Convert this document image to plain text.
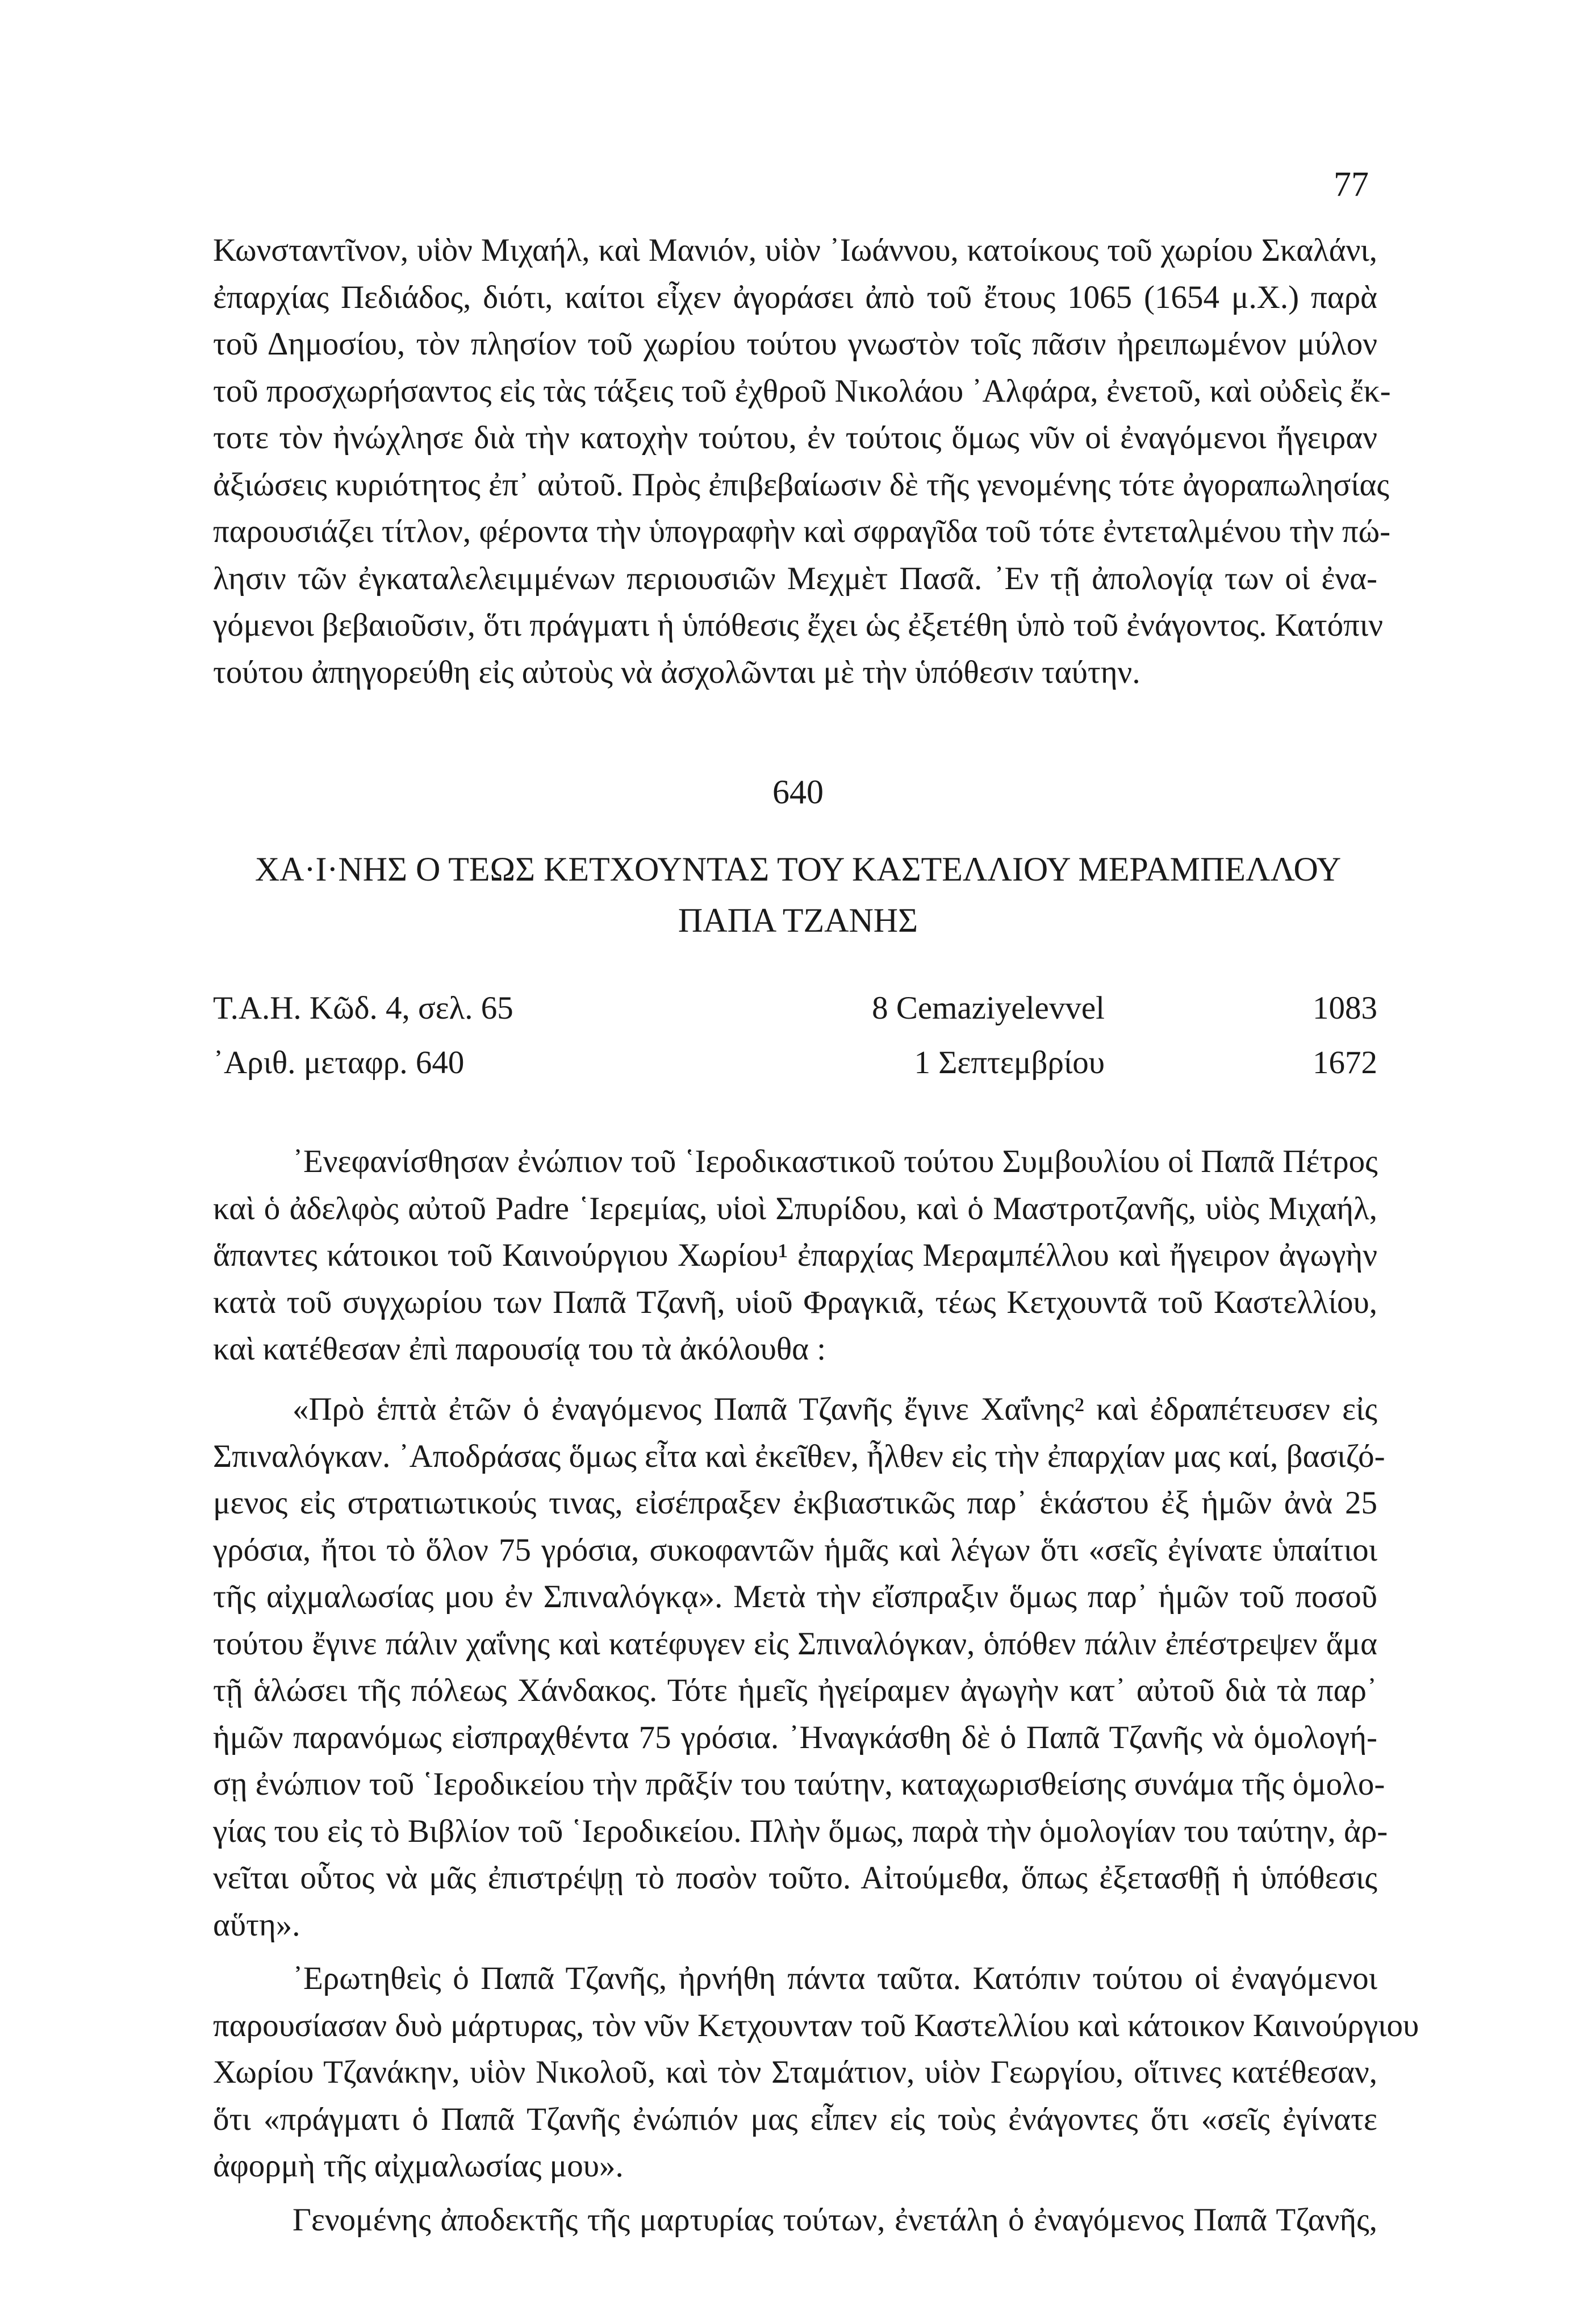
77
Κωνσταντῖνον, υἱὸν Μιχαήλ, καὶ Μανιόν, υἱὸν ᾿Ιωάννου, κατοίκους τοῦ χωρίου Σκαλάνι,
ἐπαρχίας Πεδιάδος, διότι, καίτοι εἶχεν ἀγοράσει ἀπὸ τοῦ ἔτους 1065 (1654 μ.Χ.) παρὰ
τοῦ Δημοσίου, τὸν πλησίον τοῦ χωρίου τούτου γνωστὸν τοῖς πᾶσιν ἠρειπωμένον μύλον
τοῦ προσχωρήσαντος εἰς τὰς τάξεις τοῦ ἐχθροῦ Νικολάου ᾿Αλφάρα, ἐνετοῦ, καὶ οὐδεὶς ἔκ-
τοτε τὸν ἠνώχλησε διὰ τὴν κατοχὴν τούτου, ἐν τούτοις ὅμως νῦν οἱ ἐναγόμενοι ἤγειραν
ἀξιώσεις κυριότητος ἐπ᾿ αὐτοῦ. Πρὸς ἐπιβεβαίωσιν δὲ τῆς γενομένης τότε ἀγοραπωλησίας
παρουσιάζει τίτλον, φέροντα τὴν ὑπογραφὴν καὶ σφραγῖδα τοῦ τότε ἐντεταλμένου τὴν πώ-
λησιν τῶν ἐγκαταλελειμμένων περιουσιῶν Μεχμὲτ Πασᾶ. ᾿Εν τῇ ἀπολογίᾳ των οἱ ἐνα-
γόμενοι βεβαιοῦσιν, ὅτι πράγματι ἡ ὑπόθεσις ἔχει ὡς ἐξετέθη ὑπὸ τοῦ ἐνάγοντος. Κατόπιν
τούτου ἀπηγορεύθη εἰς αὐτοὺς νὰ ἀσχολῶνται μὲ τὴν ὑπόθεσιν ταύτην.
640
ΧΑ·Ι·ΝΗΣ Ο ΤΕΩΣ ΚΕΤΧΟΥΝΤΑΣ ΤΟΥ ΚΑΣΤΕΛΛΙΟΥ ΜΕΡΑΜΠΕΛΛΟΥ
ΠΑΠΑ ΤΖΑΝΗΣ
Τ.Α.Η. Κῶδ. 4, σελ. 65	8 Cemaziyelevvel	1083
᾿Αριθ. μεταφρ. 640	1 Σεπτεμβρίου	1672
᾿Ενεφανίσθησαν ἐνώπιον τοῦ ῾Ιεροδικαστικοῦ τούτου Συμβουλίου οἱ Παπᾶ Πέτρος
καὶ ὁ ἀδελφὸς αὐτοῦ Padre ῾Ιερεμίας, υἱοὶ Σπυρίδου, καὶ ὁ Μαστροτζανῆς, υἱὸς Μιχαήλ,
ἅπαντες κάτοικοι τοῦ Καινούργιου Χωρίου¹ ἐπαρχίας Μεραμπέλλου καὶ ἤγειρον ἀγωγὴν
κατὰ τοῦ συγχωρίου των Παπᾶ Τζανῆ, υἱοῦ Φραγκιᾶ, τέως Κετχουντᾶ τοῦ Καστελλίου,
καὶ κατέθεσαν ἐπὶ παρουσίᾳ του τὰ ἀκόλουθα :
«Πρὸ ἑπτὰ ἐτῶν ὁ ἐναγόμενος Παπᾶ Τζανῆς ἔγινε Χαΐνης² καὶ ἐδραπέτευσεν εἰς
Σπιναλόγκαν. ᾿Αποδράσας ὅμως εἶτα καὶ ἐκεῖθεν, ἦλθεν εἰς τὴν ἐπαρχίαν μας καί, βασιζό-
μενος εἰς στρατιωτικούς τινας, εἰσέπραξεν ἐκβιαστικῶς παρ᾿ ἑκάστου ἐξ ἡμῶν ἀνὰ 25
γρόσια, ἤτοι τὸ ὅλον 75 γρόσια, συκοφαντῶν ἡμᾶς καὶ λέγων ὅτι «σεῖς ἐγίνατε ὑπαίτιοι
τῆς αἰχμαλωσίας μου ἐν Σπιναλόγκᾳ». Μετὰ τὴν εἴσπραξιν ὅμως παρ᾿ ἡμῶν τοῦ ποσοῦ
τούτου ἔγινε πάλιν χαΐνης καὶ κατέφυγεν εἰς Σπιναλόγκαν, ὁπόθεν πάλιν ἐπέστρεψεν ἅμα
τῇ ἁλώσει τῆς πόλεως Χάνδακος. Τότε ἡμεῖς ἠγείραμεν ἀγωγὴν κατ᾿ αὐτοῦ διὰ τὰ παρ᾿
ἡμῶν παρανόμως εἰσπραχθέντα 75 γρόσια. ᾿Ηναγκάσθη δὲ ὁ Παπᾶ Τζανῆς νὰ ὁμολογή-
σῃ ἐνώπιον τοῦ ῾Ιεροδικείου τὴν πρᾶξίν του ταύτην, καταχωρισθείσης συνάμα τῆς ὁμολο-
γίας του εἰς τὸ Βιβλίον τοῦ ῾Ιεροδικείου. Πλὴν ὅμως, παρὰ τὴν ὁμολογίαν του ταύτην, ἀρ-
νεῖται οὗτος νὰ μᾶς ἐπιστρέψῃ τὸ ποσὸν τοῦτο. Αἰτούμεθα, ὅπως ἐξετασθῇ ἡ ὑπόθεσις
αὕτη».
᾿Ερωτηθεὶς ὁ Παπᾶ Τζανῆς, ἠρνήθη πάντα ταῦτα. Κατόπιν τούτου οἱ ἐναγόμενοι
παρουσίασαν δυὸ μάρτυρας, τὸν νῦν Κετχουνταν τοῦ Καστελλίου καὶ κάτοικον Καινούργιου
Χωρίου Τζανάκην, υἱὸν Νικολοῦ, καὶ τὸν Σταμάτιον, υἱὸν Γεωργίου, οἵτινες κατέθεσαν,
ὅτι «πράγματι ὁ Παπᾶ Τζανῆς ἐνώπιόν μας εἶπεν εἰς τοὺς ἐνάγοντες ὅτι «σεῖς ἐγίνατε
ἀφορμὴ τῆς αἰχμαλωσίας μου».
Γενομένης ἀποδεκτῆς τῆς μαρτυρίας τούτων, ἐνετάλη ὁ ἐναγόμενος Παπᾶ Τζανῆς,
